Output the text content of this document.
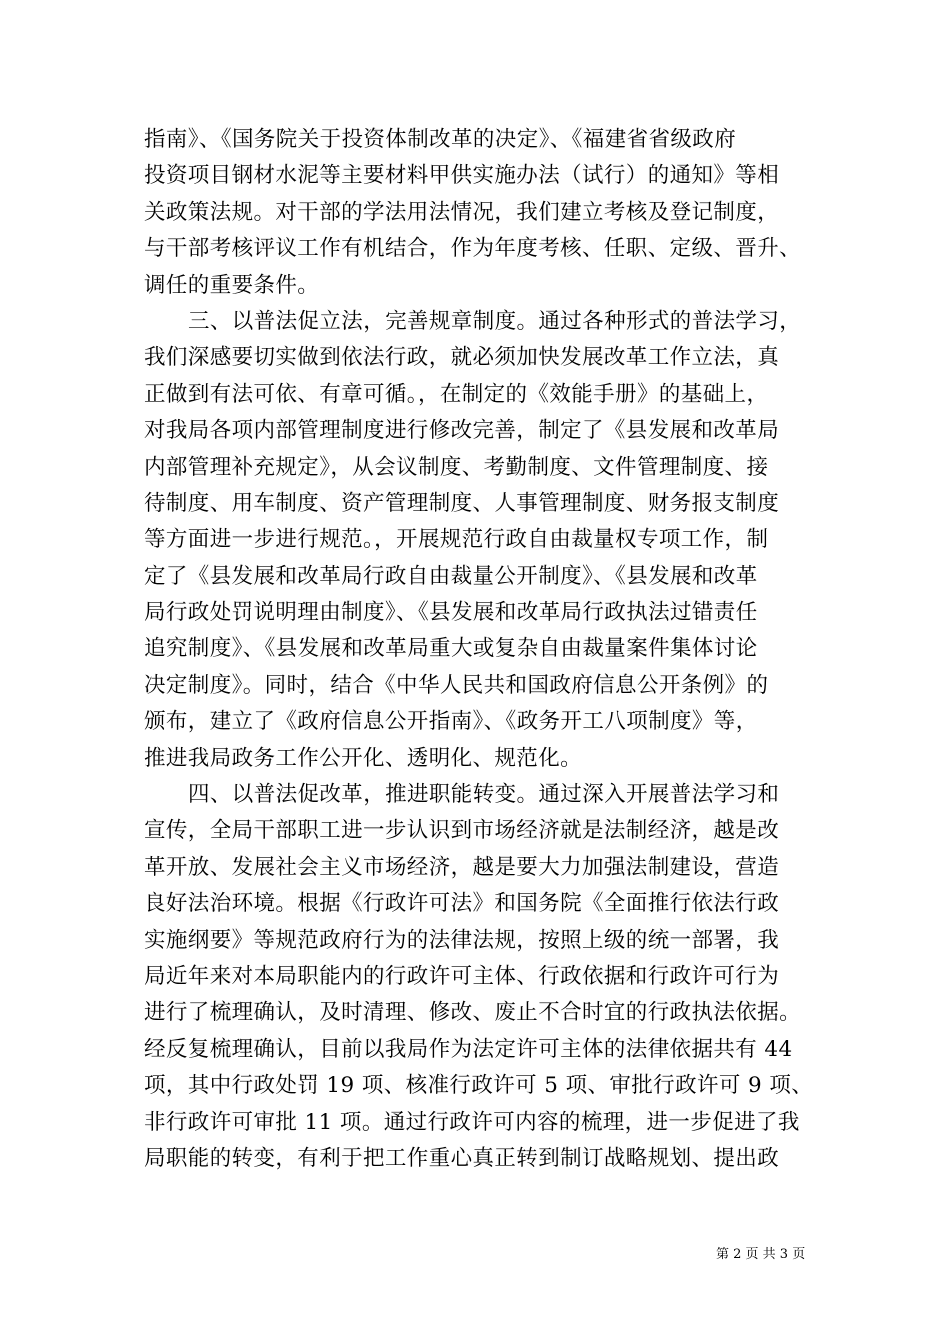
指南》、《国务院关于投资体制改革的决定》、《福建省省级政府
投资项目钢材水泥等主要材料甲供实施办法（试行）的通知》等相
关政策法规。对干部的学法用法情况，我们建立考核及登记制度，
与干部考核评议工作有机结合，作为年度考核、任职、定级、晋升、
调任的重要条件。
三、以普法促立法，完善规章制度。通过各种形式的普法学习，
我们深感要切实做到依法行政，就必须加快发展改革工作立法，真
正做到有法可依、有章可循。，在制定的《效能手册》的基础上，
对我局各项内部管理制度进行修改完善，制定了《县发展和改革局
内部管理补充规定》，从会议制度、考勤制度、文件管理制度、接
待制度、用车制度、资产管理制度、人事管理制度、财务报支制度
等方面进一步进行规范。，开展规范行政自由裁量权专项工作，制
定了《县发展和改革局行政自由裁量公开制度》、《县发展和改革
局行政处罚说明理由制度》、《县发展和改革局行政执法过错责任
追究制度》、《县发展和改革局重大或复杂自由裁量案件集体讨论
决定制度》。同时，结合《中华人民共和国政府信息公开条例》的
颁布，建立了《政府信息公开指南》、《政务开工八项制度》等，
推进我局政务工作公开化、透明化、规范化。
四、以普法促改革，推进职能转变。通过深入开展普法学习和
宣传，全局干部职工进一步认识到市场经济就是法制经济，越是改
革开放、发展社会主义市场经济，越是要大力加强法制建设，营造
良好法治环境。根据《行政许可法》和国务院《全面推行依法行政
实施纲要》等规范政府行为的法律法规，按照上级的统一部署，我
局近年来对本局职能内的行政许可主体、行政依据和行政许可行为
进行了梳理确认，及时清理、修改、废止不合时宜的行政执法依据。
经反复梳理确认，目前以我局作为法定许可主体的法律依据共有 44
项，其中行政处罚 19 项、核准行政许可 5 项、审批行政许可 9 项、
非行政许可审批 11 项。通过行政许可内容的梳理，进一步促进了我
局职能的转变，有利于把工作重心真正转到制订战略规划、提出政
第 2 页 共 3 页
